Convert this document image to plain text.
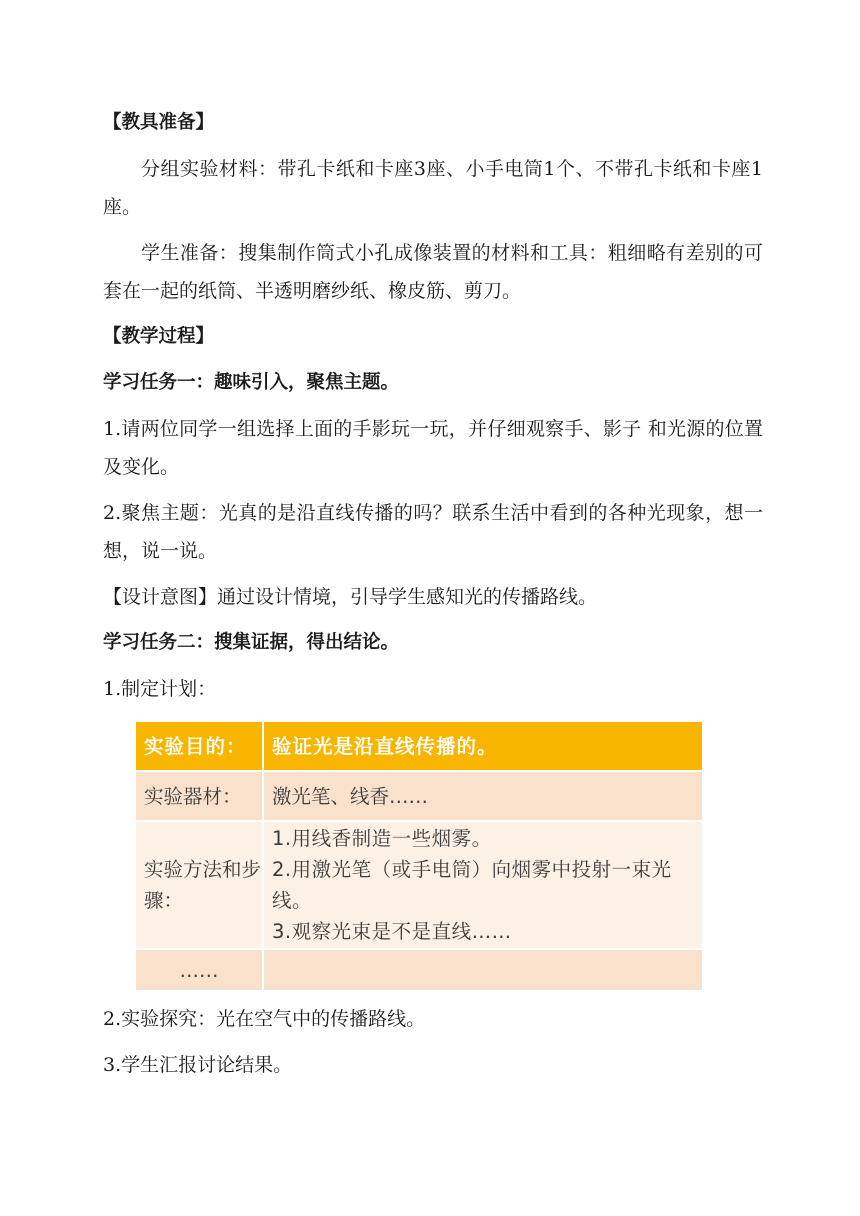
【教具准备】
分组实验材料：带孔卡纸和卡座3座、小手电筒1个、不带孔卡纸和卡座1座。
学生准备：搜集制作筒式小孔成像装置的材料和工具：粗细略有差别的可套在一起的纸筒、半透明磨纱纸、橡皮筋、剪刀。
【教学过程】
学习任务一：趣味引入，聚焦主题。
1.请两位同学一组选择上面的手影玩一玩，并仔细观察手、影子 和光源的位置及变化。
2.聚焦主题：光真的是沿直线传播的吗？联系生活中看到的各种光现象，想一想，说一说。
【设计意图】通过设计情境，引导学生感知光的传播路线。
学习任务二：搜集证据，得出结论。
1.制定计划：
实验目的：	验证光是沿直线传播的。
实验器材：	激光笔、线香……
实验方法和步骤：	1.用线香制造一些烟雾。
2.用激光笔（或手电筒）向烟雾中投射一束光线。
3.观察光束是不是直线……

……	
2.实验探究：光在空气中的传播路线。
3.学生汇报讨论结果。
